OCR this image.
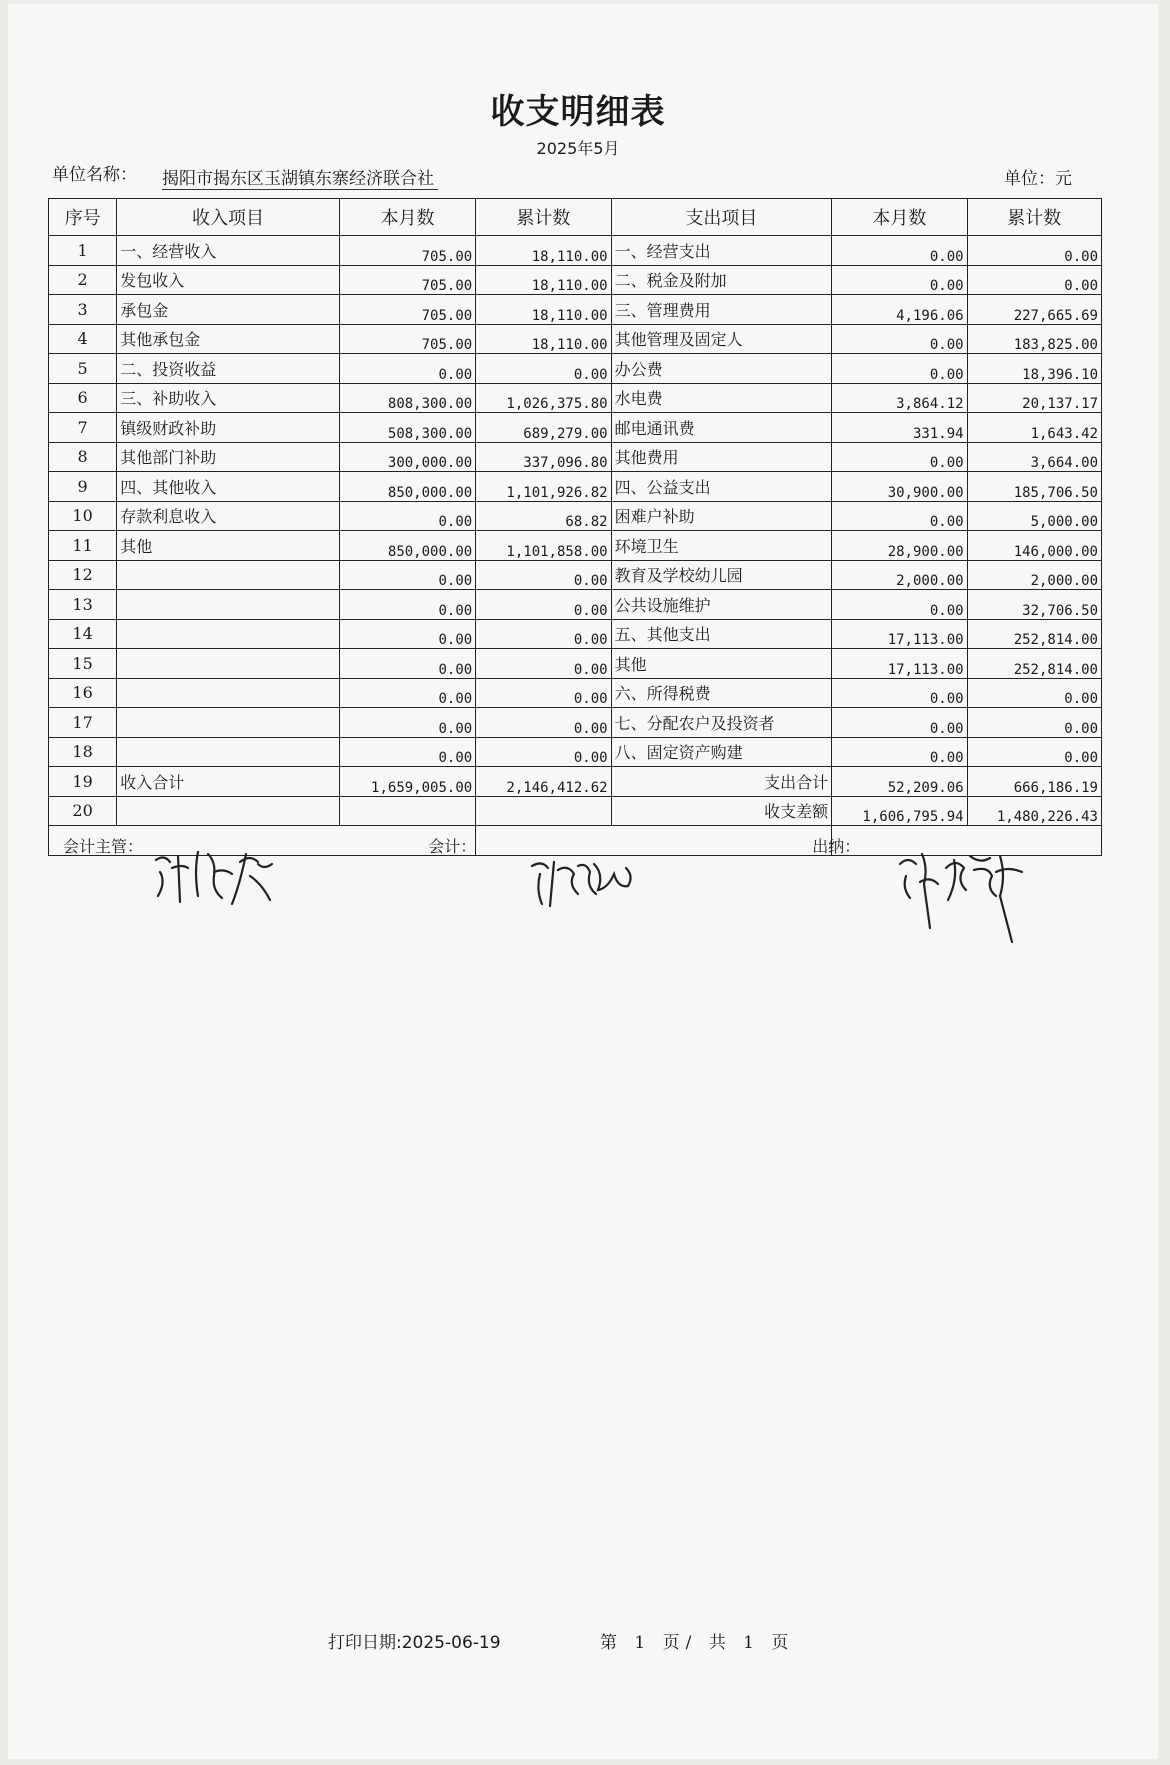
收支明细表
2025年5月
单位名称： 揭阳市揭东区玉湖镇东寨经济联合社	单位：元
序号	收入项目	本月数	累计数	支出项目	本月数	累计数
1	一、经营收入	705.00	18,110.00	一、经营支出	0.00	0.00
2	发包收入	705.00	18,110.00	二、税金及附加	0.00	0.00
3	承包金	705.00	18,110.00	三、管理费用	4,196.06	227,665.69
4	其他承包金	705.00	18,110.00	其他管理及固定人	0.00	183,825.00
5	二、投资收益	0.00	0.00	办公费	0.00	18,396.10
6	三、补助收入	808,300.00	1,026,375.80	水电费	3,864.12	20,137.17
7	镇级财政补助	508,300.00	689,279.00	邮电通讯费	331.94	1,643.42
8	其他部门补助	300,000.00	337,096.80	其他费用	0.00	3,664.00
9	四、其他收入	850,000.00	1,101,926.82	四、公益支出	30,900.00	185,706.50
10	存款利息收入	0.00	68.82	困难户补助	0.00	5,000.00
11	其他	850,000.00	1,101,858.00	环境卫生	28,900.00	146,000.00
12		0.00	0.00	教育及学校幼儿园	2,000.00	2,000.00
13		0.00	0.00	公共设施维护	0.00	32,706.50
14		0.00	0.00	五、其他支出	17,113.00	252,814.00
15		0.00	0.00	其他	17,113.00	252,814.00
16		0.00	0.00	六、所得税费	0.00	0.00
17		0.00	0.00	七、分配农户及投资者	0.00	0.00
18		0.00	0.00	八、固定资产购建	0.00	0.00
19	收入合计	1,659,005.00	2,146,412.62	支出合计	52,209.06	666,186.19
20				收支差额	1,606,795.94	1,480,226.43

会计主管：			会计：		出纳：	
打印日期:2025-06-19	第 1 页/ 共 1 页
